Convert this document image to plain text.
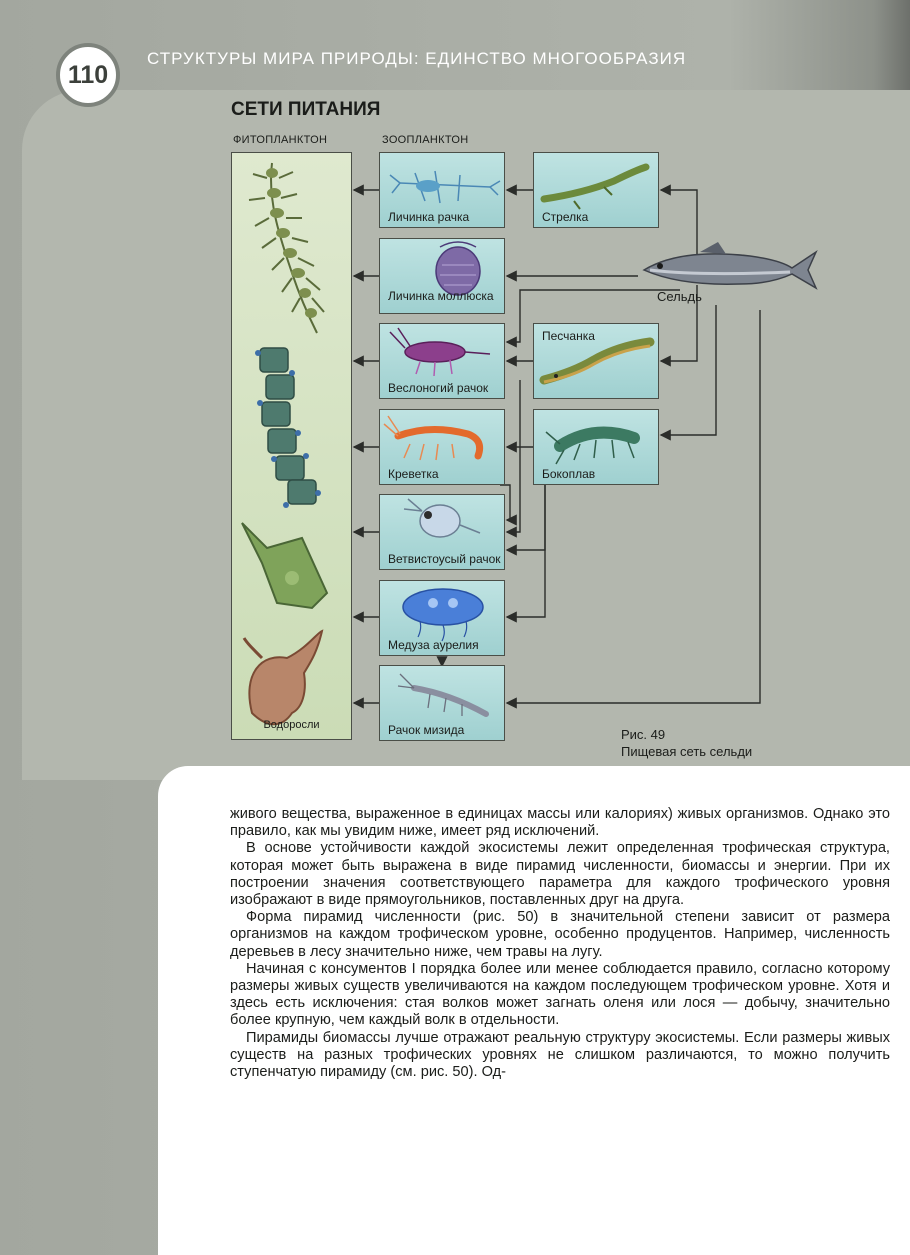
110
СТРУКТУРЫ МИРА ПРИРОДЫ: ЕДИНСТВО МНОГООБРАЗИЯ
СЕТИ ПИТАНИЯ
ФИТОПЛАНКТОН	ЗООПЛАНКТОН
Водоросли
Личинка рачка
Личинка моллюска
Веслоногий рачок
Креветка
Ветвистоусый рачок
Медуза аурелия
Рачок мизида
Стрелка
Песчанка
Бокоплав
Сельдь
Рис. 49
Пищевая сеть сельди

живого вещества, выраженное в единицах массы или калориях) живых организмов. Однако это правило, как мы увидим ниже, имеет ряд исключений.

В основе устойчивости каждой экосистемы лежит определенная трофическая структура, которая может быть выражена в виде пирамид численности, биомассы и энергии. При их построении значения соответствующего параметра для каждого трофического уровня изображают в виде прямоугольников, поставленных друг на друга.

Форма пирамид численности (рис. 50) в значительной степени зависит от размера организмов на каждом трофическом уровне, особенно продуцентов. Например, численность деревьев в лесу значительно ниже, чем травы на лугу.

Начиная с консументов I порядка более или менее соблюдается правило, согласно которому размеры живых существ увеличиваются на каждом последующем трофическом уровне. Хотя и здесь есть исключения: стая волков может загнать оленя или лося — добычу, значительно более крупную, чем каждый волк в отдельности.

Пирамиды биомассы лучше отражают реальную структуру экосистемы. Если размеры живых существ на разных трофических уровнях не слишком различаются, то можно получить ступенчатую пирамиду (см. рис. 50). Од-
